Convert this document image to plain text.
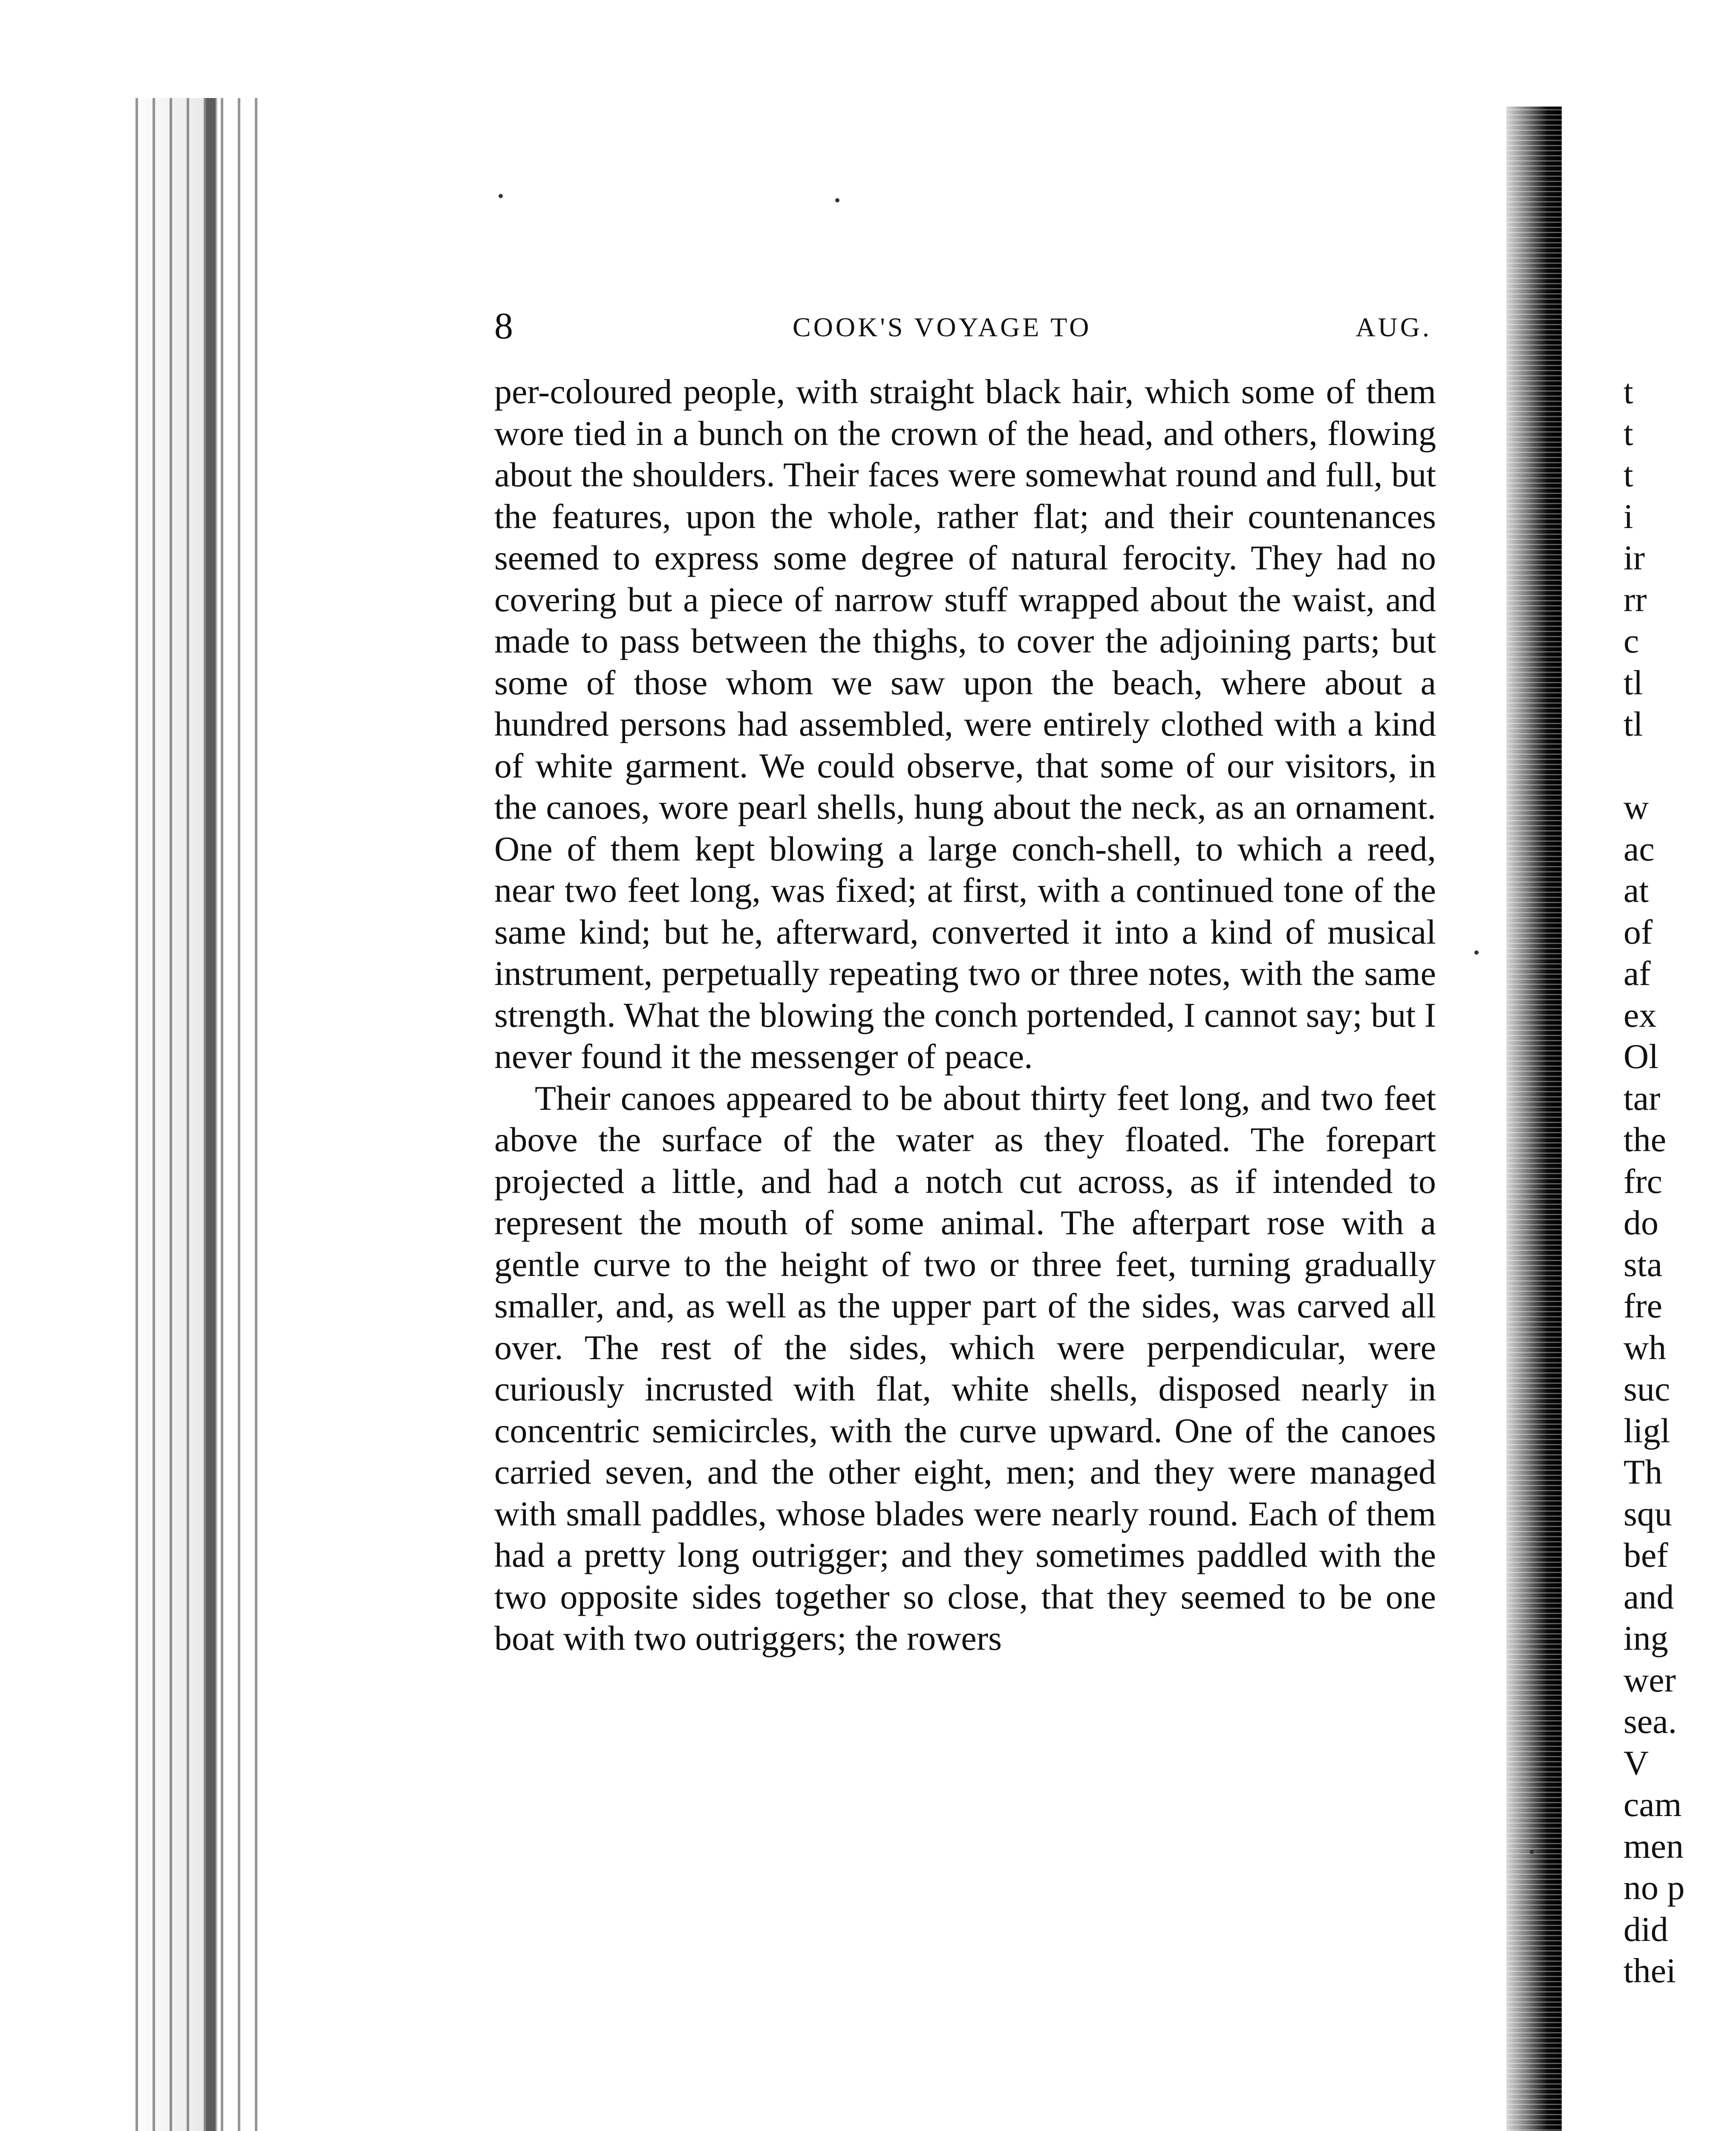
8	COOK'S VOYAGE TO	AUG.

per-coloured people, with straight black hair, which some of them wore tied in a bunch on the crown of the head, and others, flowing about the shoulders. Their faces were somewhat round and full, but the features, upon the whole, rather flat; and their countenances seemed to express some degree of natural ferocity. They had no covering but a piece of narrow stuff wrapped about the waist, and made to pass between the thighs, to cover the adjoining parts; but some of those whom we saw upon the beach, where about a hundred persons had assembled, were entirely clothed with a kind of white garment. We could observe, that some of our visitors, in the canoes, wore pearl shells, hung about the neck, as an ornament. One of them kept blowing a large conch-shell, to which a reed, near two feet long, was fixed; at first, with a continued tone of the same kind; but he, afterward, converted it into a kind of musical instrument, perpetually repeating two or three notes, with the same strength. What the blowing the conch portended, I cannot say; but I never found it the messenger of peace.

Their canoes appeared to be about thirty feet long, and two feet above the surface of the water as they floated. The forepart projected a little, and had a notch cut across, as if intended to represent the mouth of some animal. The afterpart rose with a gentle curve to the height of two or three feet, turning gradually smaller, and, as well as the upper part of the sides, was carved all over. The rest of the sides, which were perpendicular, were curiously incrusted with flat, white shells, disposed nearly in concentric semicircles, with the curve upward. One of the canoes carried seven, and the other eight, men; and they were managed with small paddles, whose blades were nearly round. Each of them had a pretty long outrigger; and they sometimes paddled with the two opposite sides together so close, that they seemed to be one boat with two outriggers; the rowers

t
t
t
i
ir
rr
c
tl
tl
w
ac
at
of
af
ex
Ol
tar
the
frc
do
sta
fre
wh
suc
ligl
Th
squ
bef
and
ing
wer
sea.
V
cam
men
no p
did
thei
